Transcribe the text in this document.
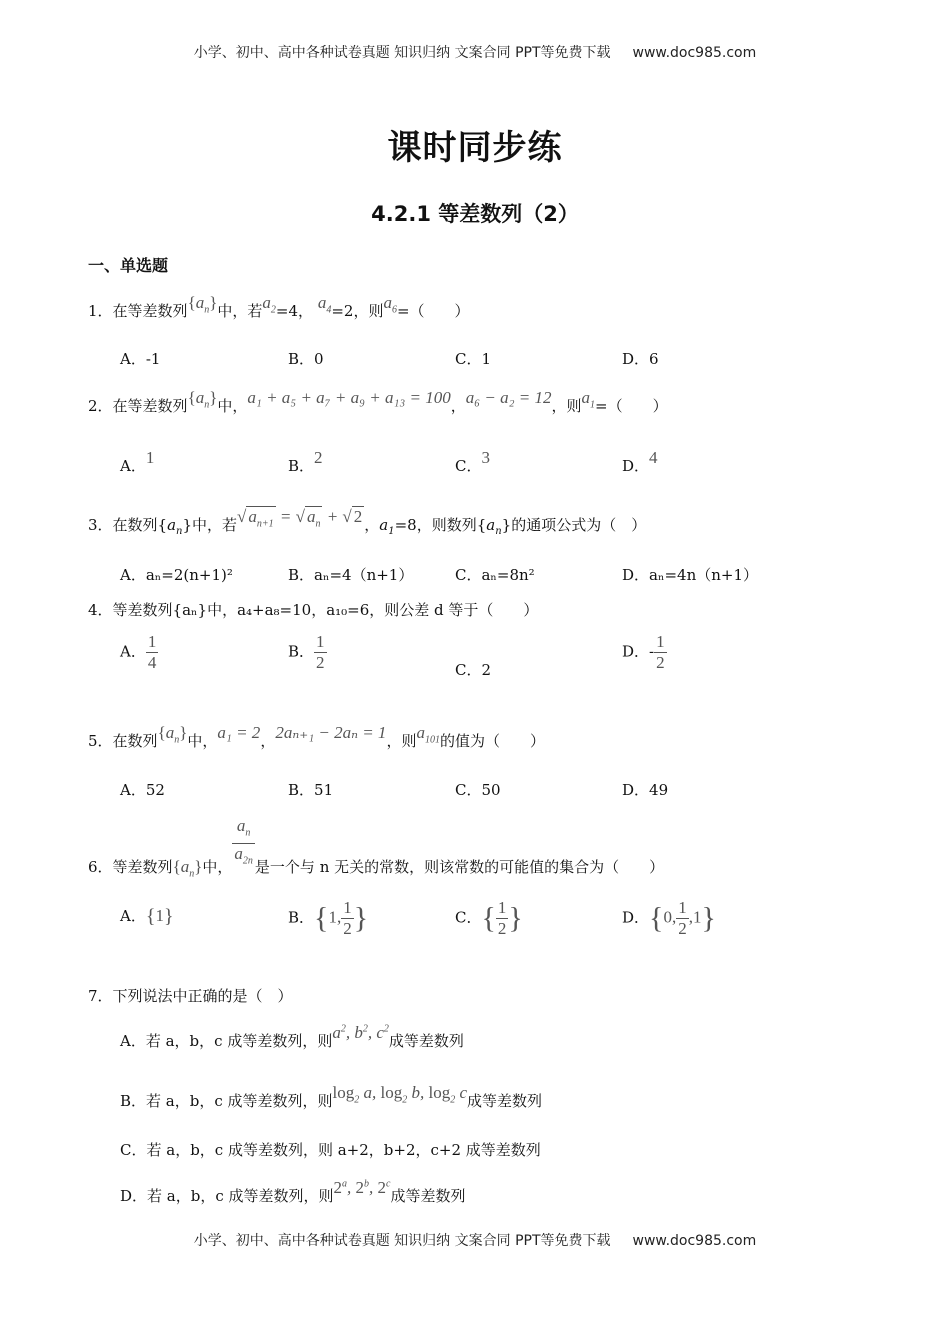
小学、初中、高中各种试卷真题 知识归纳 文案合同 PPT等免费下载 www.doc985.com
课时同步练
4.2.1 等差数列（2）
一、单选题
1．在等差数列$\{a_n\}$中，若$a_2=4$， $a_4=2$，则$a_6=$（　　）
A．-1	B．0	C．1	D．6
2．在等差数列$\{a_n\}$中，a₁ + a₅ + a₇ + a₉ + a₁₃ = 100，a₆ − a₂ = 12，则$a_1=$（　　）
A．1	B．2	C．3	D．4
3．在数列$\{a_n\}$中，若√ $a_{n+1}$ = √ $a_n$ + √ 2 ，$a_1=8$，则数列$\{a_n\}$的通项公式为（　）
A．aₙ=2(n+1)²	B．aₙ=4（n+1）	C．aₙ=8n²	D．aₙ=4n（n+1）
4．等差数列{aₙ}中，a₄+a₈=10，a₁₀=6，则公差 d 等于（　　）
A． $\frac{1}{4}$	B． $\frac{1}{2}$	C．2
D．- $\frac{1}{2}$
5．在数列$\{a_n\}$中，a₁ = 2，2aₙ₊₁ − 2aₙ = 1，则$a_{101}$的值为（　　）
A．52	B．51	C．50	D．49
6．等差数列$\{a_n\}$中， $\frac{a_n}{a_{2n}}$ 是一个与 n 无关的常数，则该常数的可能值的集合为（　　）
A．{1}	B．{1, $\frac{1}{2}$ }	C．{ $\frac{1}{2}$ }	D．{0, $\frac{1}{2} ,1$}
7．下列说法中正确的是（　）
A．若 a，b，c 成等差数列，则$a^2$, $b^2$, $c^2$成等差数列
B．若 a，b，c 成等差数列，则$\log_2 a$, $\log_2 b$, $\log_2 c$成等差数列
C．若 a，b，c 成等差数列，则 a+2，b+2，c+2 成等差数列
D．若 a，b，c 成等差数列，则2$^a$, 2$^b$, 2$^c$成等差数列
小学、初中、高中各种试卷真题 知识归纳 文案合同 PPT等免费下载 www.doc985.com
